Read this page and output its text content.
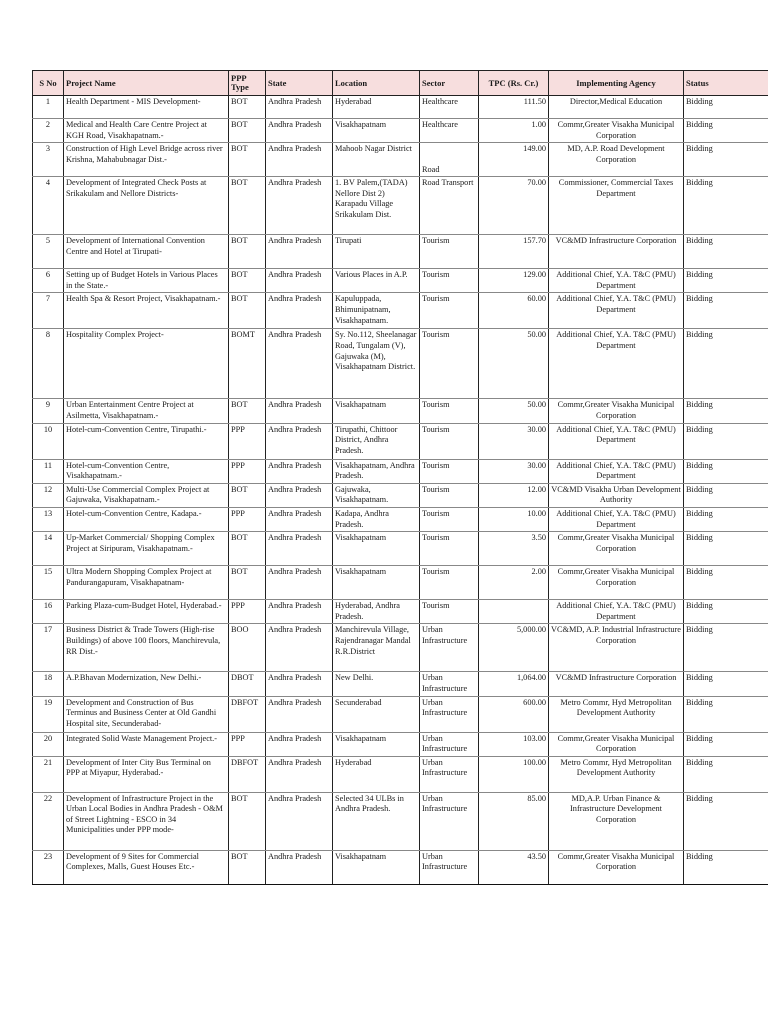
S No	Project Name	PPP Type	State	Location	Sector	TPC (Rs. Cr.)	Implementing Agency	Status
1	Health Department - MIS Development-	BOT	Andhra Pradesh	Hyderabad	Healthcare	111.50	Director,Medical Education	Bidding
2	Medical and Health Care Centre Project at KGH Road, Visakhapatnam.-	BOT	Andhra Pradesh	Visakhapatnam	Healthcare	1.00	Commr,Greater Visakha Municipal Corporation	Bidding
3	Construction of High Level Bridge across river Krishna, Mahabubnagar Dist.-	BOT	Andhra Pradesh	Mahoob Nagar District	Road	149.00	MD, A.P. Road Development Corporation	Bidding
4	Development of Integrated Check Posts at Srikakulam and Nellore Districts-	BOT	Andhra Pradesh	1. BV Palem,(TADA) Nellore Dist 2) Karapadu Village Srikakulam Dist.	Road Transport	70.00	Commissioner, Commercial Taxes Department	Bidding
5	Development of International Convention Centre and Hotel at Tirupati-	BOT	Andhra Pradesh	Tirupati	Tourism	157.70	VC&MD Infrastructure Corporation	Bidding
6	Setting up of Budget Hotels in Various Places in the State.-	BOT	Andhra Pradesh	Various Places in A.P.	Tourism	129.00	Additional Chief, Y.A. T&C (PMU) Department	Bidding
7	Health Spa & Resort Project, Visakhapatnam.-	BOT	Andhra Pradesh	Kapuluppada, Bhimunipatnam, Visakhapatnam.	Tourism	60.00	Additional Chief, Y.A. T&C (PMU) Department	Bidding
8	Hospitality Complex Project-	BOMT	Andhra Pradesh	Sy. No.112, Sheelanagar Road, Tungalam (V), Gajuwaka (M), Visakhapatnam District.	Tourism	50.00	Additional Chief, Y.A. T&C (PMU) Department	Bidding
9	Urban Entertainment Centre Project at Asilmetta, Visakhapatnam.-	BOT	Andhra Pradesh	Visakhapatnam	Tourism	50.00	Commr,Greater Visakha Municipal Corporation	Bidding
10	Hotel-cum-Convention Centre, Tirupathi.-	PPP	Andhra Pradesh	Tirupathi, Chittoor District, Andhra Pradesh.	Tourism	30.00	Additional Chief, Y.A. T&C (PMU) Department	Bidding
11	Hotel-cum-Convention Centre, Visakhapatnam.-	PPP	Andhra Pradesh	Visakhapatnam, Andhra Pradesh.	Tourism	30.00	Additional Chief, Y.A. T&C (PMU) Department	Bidding
12	Multi-Use Commercial Complex Project at Gajuwaka, Visakhapatnam.-	BOT	Andhra Pradesh	Gajuwaka, Visakhapatnam.	Tourism	12.00	VC&MD Visakha Urban Development Authority	Bidding
13	Hotel-cum-Convention Centre, Kadapa.-	PPP	Andhra Pradesh	Kadapa, Andhra Pradesh.	Tourism	10.00	Additional Chief, Y.A. T&C (PMU) Department	Bidding
14	Up-Market Commercial/ Shopping Complex Project at Siripuram, Visakhapatnam.-	BOT	Andhra Pradesh	Visakhapatnam	Tourism	3.50	Commr,Greater Visakha Municipal Corporation	Bidding
15	Ultra Modern Shopping Complex Project at Pandurangapuram, Visakhapatnam-	BOT	Andhra Pradesh	Visakhapatnam	Tourism	2.00	Commr,Greater Visakha Municipal Corporation	Bidding
16	Parking Plaza-cum-Budget Hotel, Hyderabad.-	PPP	Andhra Pradesh	Hyderabad, Andhra Pradesh.	Tourism		Additional Chief, Y.A. T&C (PMU) Department	Bidding
17	Business District & Trade Towers (High-rise Buildings) of above 100 floors, Manchirevula, RR Dist.-	BOO	Andhra Pradesh	Manchirevula Village, Rajendranagar Mandal R.R.District	Urban Infrastructure	5,000.00	VC&MD, A.P. Industrial Infrastructure Corporation	Bidding
18	A.P.Bhavan Modernization, New Delhi.-	DBOT	Andhra Pradesh	New Delhi.	Urban Infrastructure	1,064.00	VC&MD Infrastructure Corporation	Bidding
19	Development and Construction of Bus Terminus and Business Center at Old Gandhi Hospital site, Secunderabad-	DBFOT	Andhra Pradesh	Secunderabad	Urban Infrastructure	600.00	Metro Commr, Hyd Metropolitan Development Authority	Bidding
20	Integrated Solid Waste Management Project.-	PPP	Andhra Pradesh	Visakhapatnam	Urban Infrastructure	103.00	Commr,Greater Visakha Municipal Corporation	Bidding
21	Development of Inter City Bus Terminal on PPP at Miyapur, Hyderabad.-	DBFOT	Andhra Pradesh	Hyderabad	Urban Infrastructure	100.00	Metro Commr, Hyd Metropolitan Development Authority	Bidding
22	Development of Infrastructure Project in the Urban Local Bodies in Andhra Pradesh - O&M of Street Lightning - ESCO in 34 Municipalities under PPP mode-	BOT	Andhra Pradesh	Selected 34 ULBs in Andhra Pradesh.	Urban Infrastructure	85.00	MD,A.P. Urban Finance & Infrastructure Development Corporation	Bidding
23	Development of 9 Sites for Commercial Complexes, Malls, Guest Houses Etc.-	BOT	Andhra Pradesh	Visakhapatnam	Urban Infrastructure	43.50	Commr,Greater Visakha Municipal Corporation	Bidding
